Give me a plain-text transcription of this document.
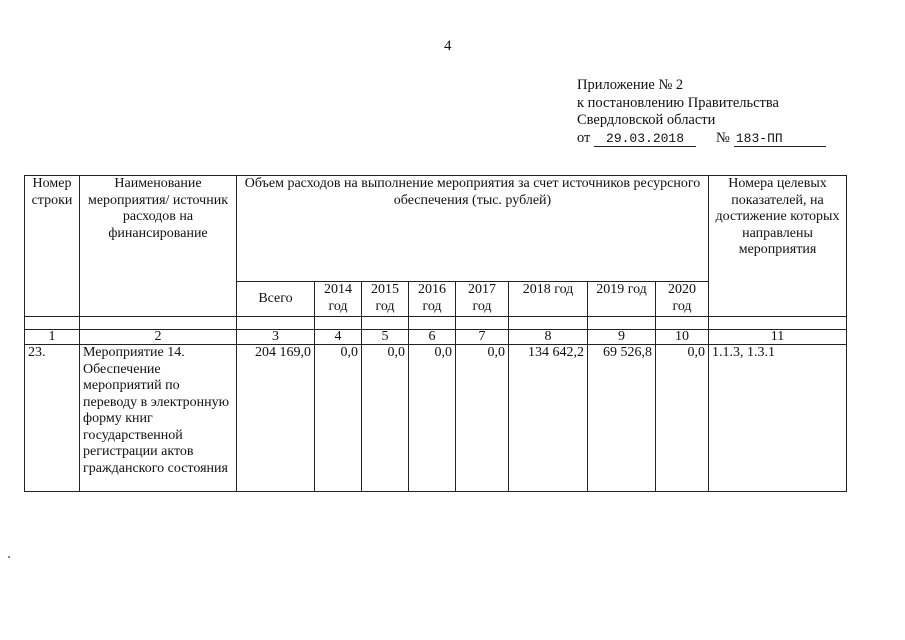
4
Приложение № 2
к постановлению Правительства
Свердловской области
от 29.03.2018 № 183-ПП
Номер строки	Наименование мероприятия/ источник расходов на финансирование	Объем расходов на выполнение мероприятия за счет источников ресурсного обеспечения (тыс. рублей)								Номера целевых показателей, на достижение которых направлены мероприятия
		Всего	2014 год	2015 год	2016 год	2017 год	2018 год	2019 год	2020 год	

1	2	3	4	5	6	7	8	9	10	11
23.	Мероприятие 14. Обеспечение мероприятий по переводу в электронную форму книг государственной регистрации актов гражданского состояния	204 169,0	0,0	0,0	0,0	0,0	134 642,2	69 526,8	0,0	1.1.3, 1.3.1
